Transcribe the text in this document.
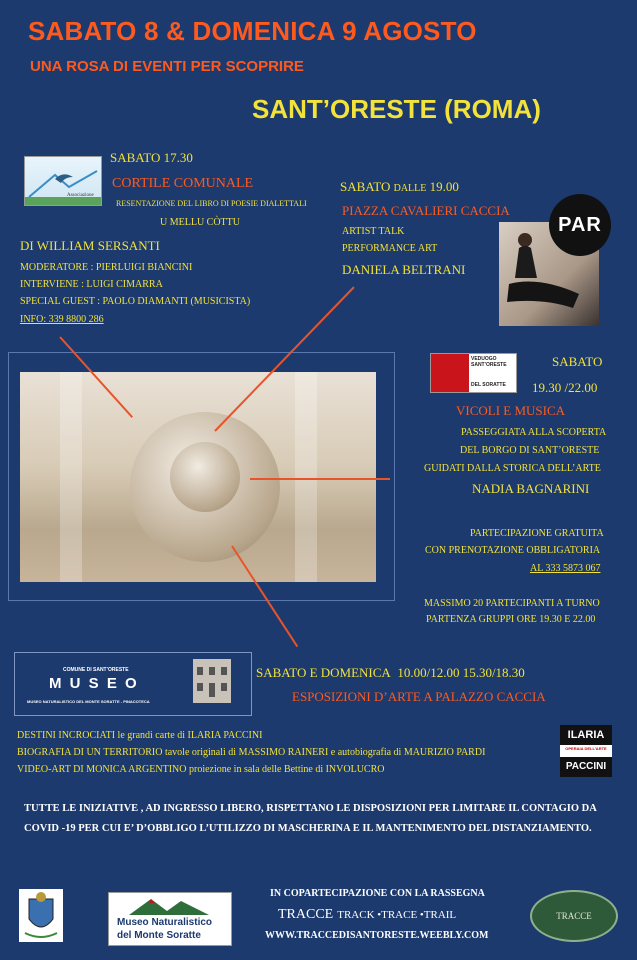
SABATO 8 & DOMENICA 9 AGOSTO
UNA ROSA DI EVENTI PER SCOPRIRE
SANT’ORESTE (ROMA)
Associazione
SABATO 17.30
CORTILE COMUNALE
RESENTAZIONE DEL LIBRO DI POESIE DIALETTALI
U MELLU CÒTTU
DI WILLIAM SERSANTI
MODERATORE : PIERLUIGI BIANCINI
INTERVIENE : LUIGI CIMARRA
SPECIAL GUEST : PAOLO DIAMANTI (MUSICISTA)
INFO: 339 8800 286
SABATO DALLE 19.00
PIAZZA CAVALIERI CACCIA
ARTIST TALK
PERFORMANCE ART
DANIELA BELTRANI
PAR
VEDUOGO SANT’ORESTE
DEL SORATTE
SABATO
19.30 /22.00
VICOLI E MUSICA
PASSEGGIATA ALLA SCOPERTA
DEL BORGO DI SANT’ORESTE
GUIDATI DALLA STORICA DELL’ARTE
NADIA BAGNARINI
PARTECIPAZIONE GRATUITA
CON PRENOTAZIONE OBBLIGATORIA
AL 333 5873 067
MASSIMO 20 PARTECIPANTI A TURNO
PARTENZA GRUPPI ORE 19.30 E 22.00
COMUNE DI SANT’ORESTE
M U S E O
MUSEO NATURALISTICO DEL MONTE SORATTE - PINACOTECA
SABATO E DOMENICA 10.00/12.00 15.30/18.30
ESPOSIZIONI D’ARTE A PALAZZO CACCIA
DESTINI INCROCIATI le grandi carte di ILARIA PACCINI
BIOGRAFIA DI UN TERRITORIO tavole originali di MASSIMO RAINERI e autobiografia di MAURIZIO PARDI
VIDEO-ART DI MONICA ARGENTINO proiezione in sala delle Bettine di INVOLUCRO
ILARIA
OPERAIA DELL’ARTE
PACCINI
TUTTE LE INIZIATIVE , AD INGRESSO LIBERO, RISPETTANO LE DISPOSIZIONI PER LIMITARE IL CONTAGIO DA
COVID -19 PER CUI E’ D’OBBLIGO L’UTILIZZO DI MASCHERINA E IL MANTENIMENTO DEL DISTANZIAMENTO.
Museo Naturalistico
del Monte Soratte
IN COPARTECIPAZIONE CON LA RASSEGNA
TRACCE TRACK •TRACE •TRAIL
WWW.TRACCEDISANTORESTE.WEEBLY.COM
TRACCE
